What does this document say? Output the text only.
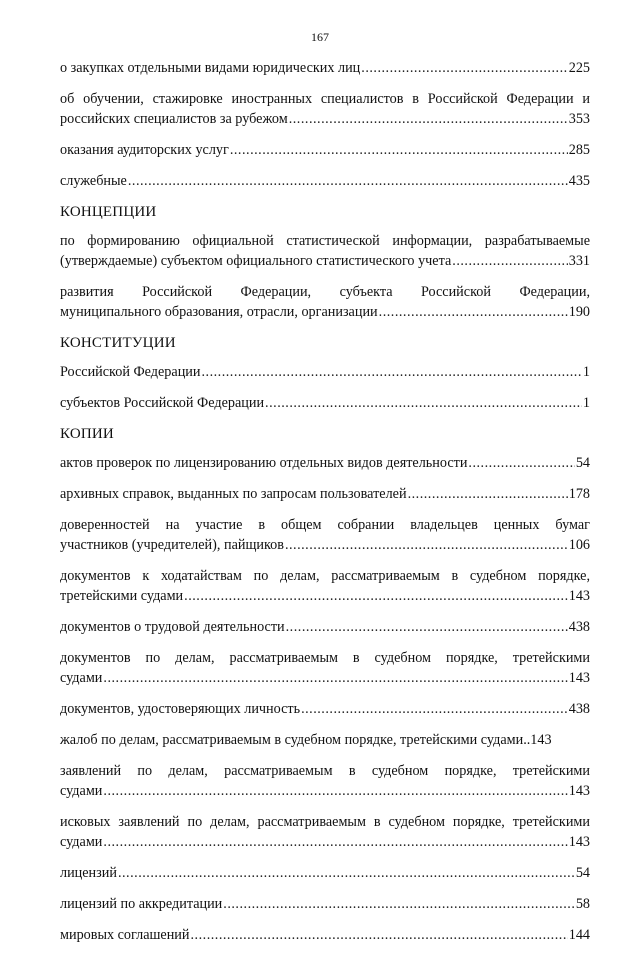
167
о закупках отдельными видами юридических лиц .....	225
об обучении, стажировке иностранных специалистов в Российской Федерации и
российских специалистов за рубежом .....	353
оказания аудиторских услуг .....	285
служебные .....	435
КОНЦЕПЦИИ
по формированию официальной статистической информации, разрабатываемые
(утверждаемые) субъектом официального статистического учета .....	331
развития Российской Федерации, субъекта Российской Федерации,
муниципального образования, отрасли, организации .....	190
КОНСТИТУЦИИ
Российской Федерации .....	1
субъектов Российской Федерации .....	1
КОПИИ
актов проверок по лицензированию отдельных видов деятельности .....	54
архивных справок, выданных по запросам пользователей .....	178
доверенностей на участие в общем собрании владельцев ценных бумаг
участников (учредителей), пайщиков .....	106
документов к ходатайствам по делам, рассматриваемым в судебном порядке,
третейскими судами .....	143
документов о трудовой деятельности .....	438
документов по делам, рассматриваемым в судебном порядке, третейскими
судами .....	143
документов, удостоверяющих личность .....	438
жалоб по делам, рассматриваемым в судебном порядке, третейскими судами.. 143
заявлений по делам, рассматриваемым в судебном порядке, третейскими
судами .....	143
исковых заявлений по делам, рассматриваемым в судебном порядке, третейскими
судами .....	143
лицензий .....	54
лицензий по аккредитации .....	58
мировых соглашений .....	144
